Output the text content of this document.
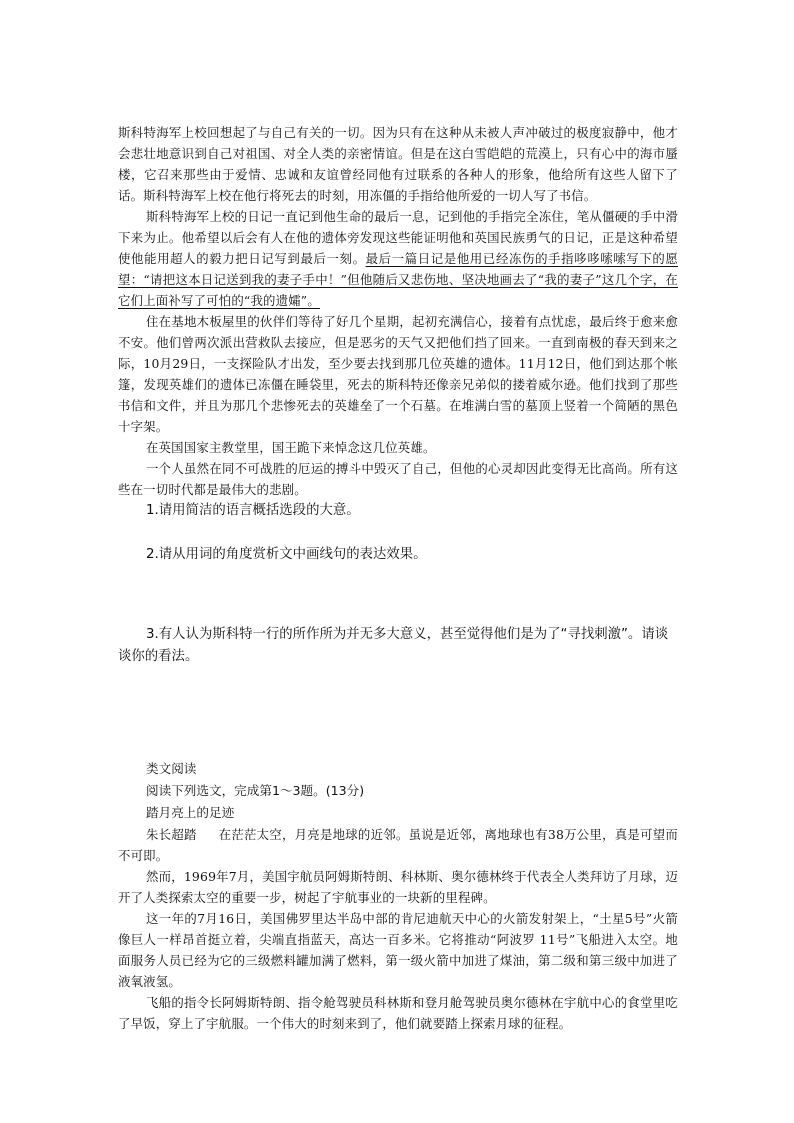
斯科特海军上校回想起了与自己有关的一切。因为只有在这种从未被人声冲破过的极度寂静中，他才会悲壮地意识到自己对祖国、对全人类的亲密情谊。但是在这白雪皑皑的荒漠上，只有心中的海市蜃楼，它召来那些由于爱情、忠诚和友谊曾经同他有过联系的各种人的形象，他给所有这些人留下了话。斯科特海军上校在他行将死去的时刻，用冻僵的手指给他所爱的一切人写了书信。

斯科特海军上校的日记一直记到他生命的最后一息，记到他的手指完全冻住，笔从僵硬的手中滑下来为止。他希望以后会有人在他的遗体旁发现这些能证明他和英国民族勇气的日记，正是这种希望使他能用超人的毅力把日记写到最后一刻。最后一篇日记是他用已经冻伤的手指哆哆嗦嗦写下的愿望：“请把这本日记送到我的妻子手中！”但他随后又悲伤地、坚决地画去了“我的妻子”这几个字，在它们上面补写了可怕的“我的遗孀”。

住在基地木板屋里的伙伴们等待了好几个星期，起初充满信心，接着有点忧虑，最后终于愈来愈不安。他们曾两次派出营救队去接应，但是恶劣的天气又把他们挡了回来。一直到南极的春天到来之际，10月29日，一支探险队才出发，至少要去找到那几位英雄的遗体。11月12日，他们到达那个帐篷，发现英雄们的遗体已冻僵在睡袋里，死去的斯科特还像亲兄弟似的搂着威尔逊。他们找到了那些书信和文件，并且为那几个悲惨死去的英雄垒了一个石墓。在堆满白雪的墓顶上竖着一个简陋的黑色十字架。

在英国国家主教堂里，国王跪下来悼念这几位英雄。

一个人虽然在同不可战胜的厄运的搏斗中毁灭了自己，但他的心灵却因此变得无比高尚。所有这些在一切时代都是最伟大的悲剧。

1.请用简洁的语言概括选段的大意。

2.请从用词的角度赏析文中画线句的表达效果。

3.有人认为斯科特一行的所作所为并无多大意义，甚至觉得他们是为了“寻找刺激”。请谈谈你的看法。

类文阅读

阅读下列选文，完成第1～3题。(13分)

踏月亮上的足迹

朱长超踏 在茫茫太空，月亮是地球的近邻。虽说是近邻，离地球也有38万公里，真是可望而不可即。

然而，1969年7月，美国宇航员阿姆斯特朗、科林斯、奥尔德林终于代表全人类拜访了月球，迈开了人类探索太空的重要一步，树起了宇航事业的一块新的里程碑。

这一年的7月16日，美国佛罗里达半岛中部的肯尼迪航天中心的火箭发射架上，“土星5号”火箭像巨人一样昂首挺立着，尖端直指蓝天，高达一百多米。它将推动“阿波罗 11号”飞船进入太空。地面服务人员已经为它的三级燃料罐加满了燃料，第一级火箭中加进了煤油，第二级和第三级中加进了液氧液氢。

飞船的指令长阿姆斯特朗、指令舱驾驶员科林斯和登月舱驾驶员奥尔德林在宇航中心的食堂里吃了早饭，穿上了宇航服。一个伟大的时刻来到了，他们就要踏上探索月球的征程。
